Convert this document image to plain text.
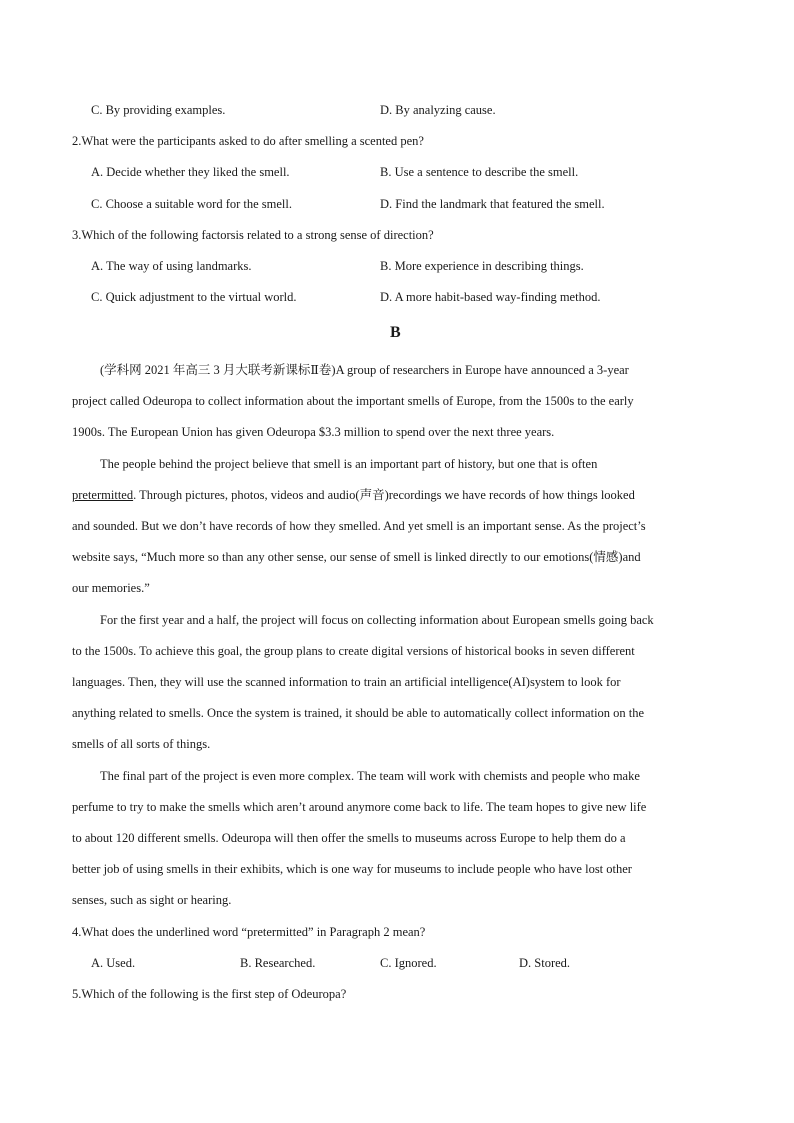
C. By providing examples.	D. By analyzing cause.
2.What were the participants asked to do after smelling a scented pen?
A. Decide whether they liked the smell.	B. Use a sentence to describe the smell.
C. Choose a suitable word for the smell.	D. Find the landmark that featured the smell.
3.Which of the following factorsis related to a strong sense of direction?
A. The way of using landmarks.	B. More experience in describing things.
C. Quick adjustment to the virtual world.	D. A more habit-based way-finding method.
B
(学科网 2021 年高三 3 月大联考新课标Ⅱ卷)A group of researchers in Europe have announced a 3-year
project called Odeuropa to collect information about the important smells of Europe, from the 1500s to the early
1900s. The European Union has given Odeuropa $3.3 million to spend over the next three years.
The people behind the project believe that smell is an important part of history, but one that is often
pretermitted. Through pictures, photos, videos and audio(声音)recordings we have records of how things looked
and sounded. But we don’t have records of how they smelled. And yet smell is an important sense. As the project’s
website says, “Much more so than any other sense, our sense of smell is linked directly to our emotions(情感)and
our memories.”
For the first year and a half, the project will focus on collecting information about European smells going back
to the 1500s. To achieve this goal, the group plans to create digital versions of historical books in seven different
languages. Then, they will use the scanned information to train an artificial intelligence(AI)system to look for
anything related to smells. Once the system is trained, it should be able to automatically collect information on the
smells of all sorts of things.
The final part of the project is even more complex. The team will work with chemists and people who make
perfume to try to make the smells which aren’t around anymore come back to life. The team hopes to give new life
to about 120 different smells. Odeuropa will then offer the smells to museums across Europe to help them do a
better job of using smells in their exhibits, which is one way for museums to include people who have lost other
senses, such as sight or hearing.
4.What does the underlined word “pretermitted” in Paragraph 2 mean?
A. Used.	B. Researched.	C. Ignored.	D. Stored.
5.Which of the following is the first step of Odeuropa?
